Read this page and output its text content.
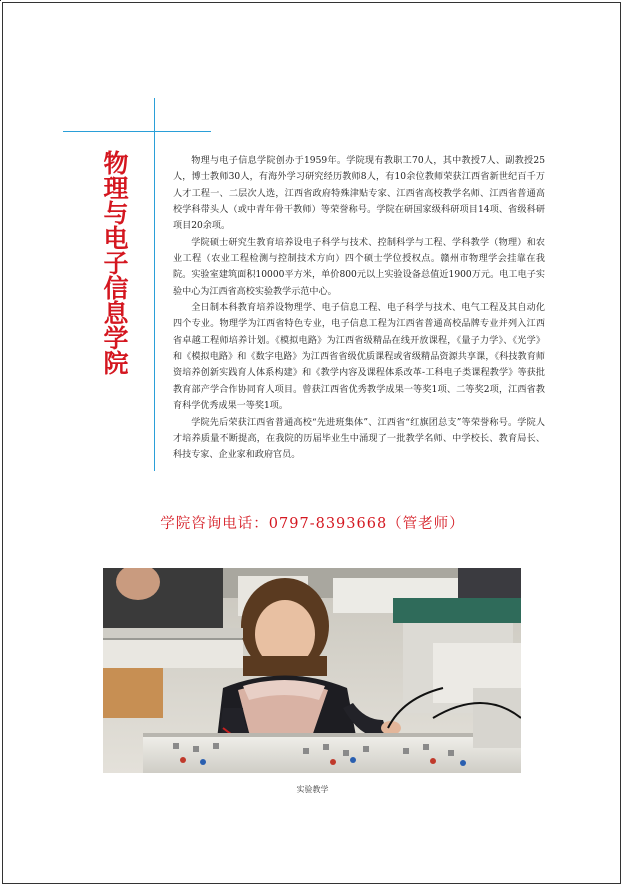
物理与电子信息学院	物理与电子信息学院创办于1959年。学院现有教职工70人，其中教授7人、副教授25人，博士教师30人，有海外学习研究经历教师8人，有10余位教师荣获江西省新世纪百千万人才工程一、二层次人选，江西省政府特殊津贴专家、江西省高校教学名师、江西省普通高校学科带头人（或中青年骨干教师）等荣誉称号。学院在研国家级科研项目14项、省级科研项目20余项。

学院硕士研究生教育培养设电子科学与技术、控制科学与工程、学科教学（物理）和农业工程（农业工程检测与控制技术方向）四个硕士学位授权点。赣州市物理学会挂靠在我院。实验室建筑面积10000平方米，单价800元以上实验设备总值近1900万元。电工电子实验中心为江西省高校实验教学示范中心。

全日制本科教育培养设物理学、电子信息工程、电子科学与技术、电气工程及其自动化四个专业。物理学为江西省特色专业，电子信息工程为江西省普通高校品牌专业并列入江西省卓越工程师培养计划。《模拟电路》为江西省级精品在线开放课程，《量子力学》、《光学》和《模拟电路》和《数字电路》为江西省省级优质课程或省级精品资源共享课，《科技教育师资培养创新实践育人体系构建》和《教学内容及课程体系改革-工科电子类课程教学》等获批教育部产学合作协同育人项目。曾获江西省优秀教学成果一等奖1项、二等奖2项，江西省教育科学优秀成果一等奖1项。

学院先后荣获江西省普通高校“先进班集体”、江西省“红旗团总支”等荣誉称号。学院人才培养质量不断提高，在我院的历届毕业生中涌现了一批教学名师、中学校长、教育局长、科技专家、企业家和政府官员。

学院咨询电话：0797-8393668（管老师）
实验教学
